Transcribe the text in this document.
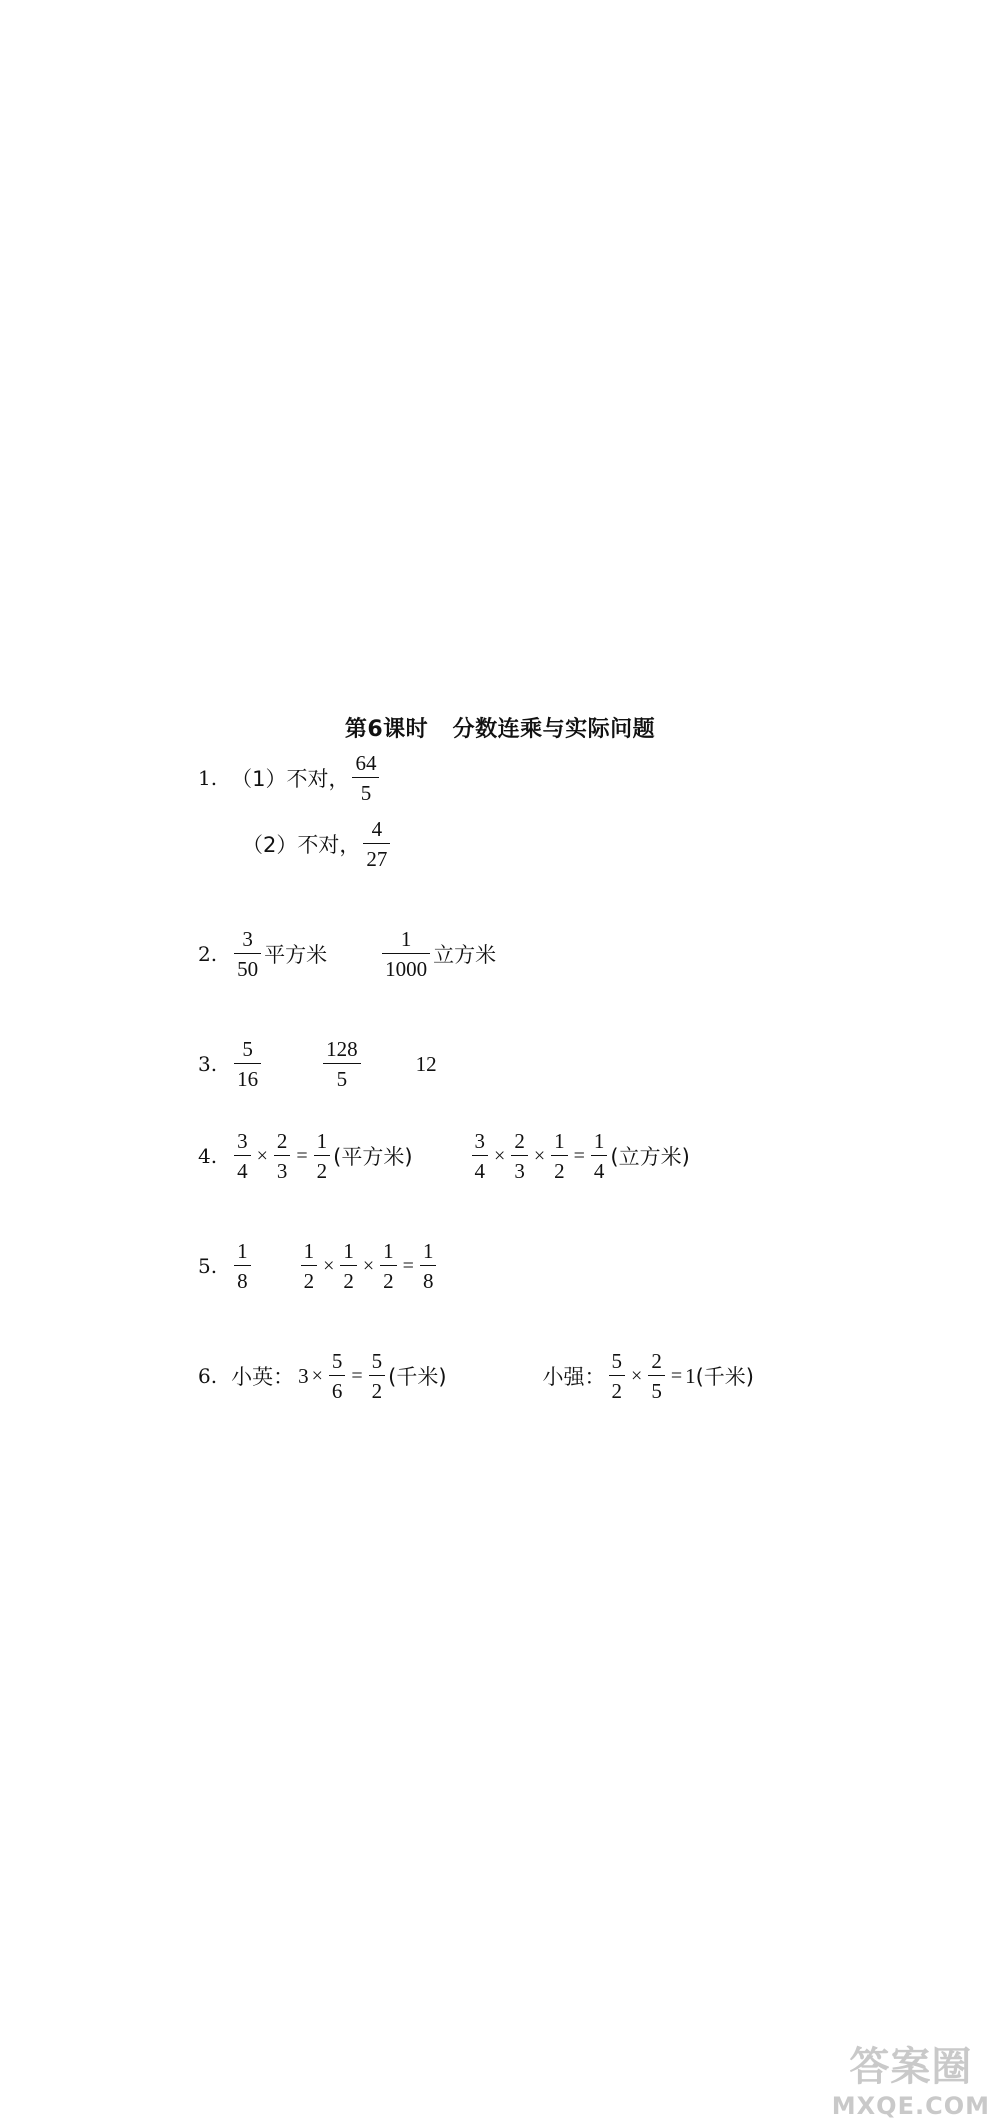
第6课时   分数连乘与实际问题
1. （1）不对， $\frac{64}{5}$
（2）不对， $\frac{4}{27}$
2. $\frac{3}{50}$ 平方米	$\frac{1}{1000}$ 立方米
3. $\frac{5}{16}$	$\frac{128}{5}$	12
4. $\frac{3}{4} \times \frac{2}{3} = \frac{1}{2}$ (平方米)	$\frac{3}{4} \times \frac{2}{3} \times \frac{1}{2} = \frac{1}{4}$ (立方米)
5. $\frac{1}{8} \frac{1}{2} \times \frac{1}{2} \times \frac{1}{2} = \frac{1}{8}$
6. 小英： $3 \times \frac{5}{6} = \frac{5}{2}$ (千米)	小强： $\frac{5}{2} \times \frac{2}{5} = 1$ (千米)
答案圈
MXQE.COM
